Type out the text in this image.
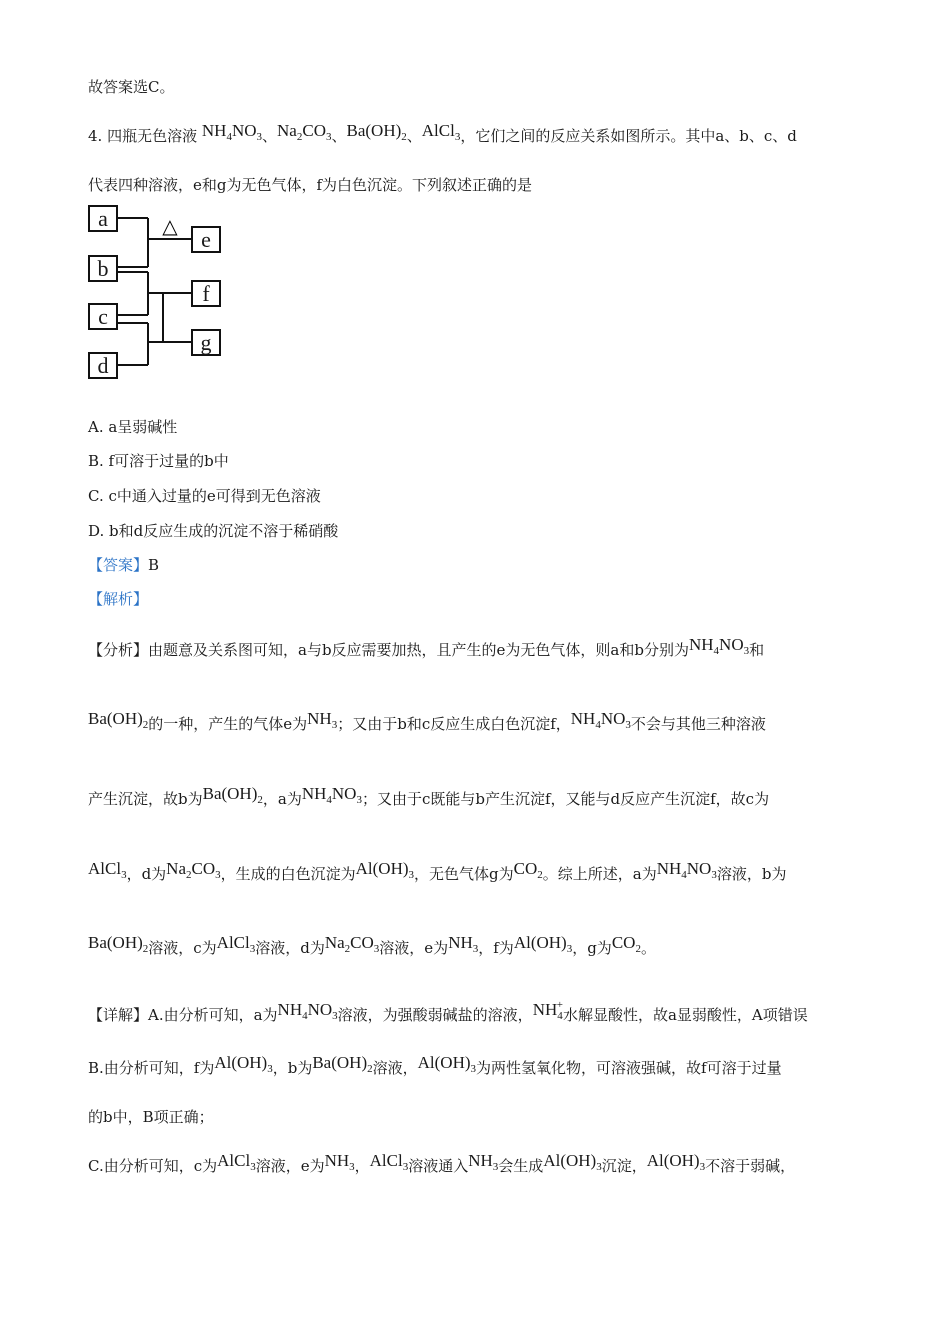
故答案选C。
4. 四瓶无色溶液 $NH_4NO_3$、$Na_2CO_3$、$Ba(OH)_2$、AlCl$_3$，它们之间的反应关系如图所示。其中a、b、c、d
代表四种溶液，e和g为无色气体，f为白色沉淀。下列叙述正确的是
△
a
b
c
d
e
f
g
A. a呈弱碱性
B. f可溶于过量的b中
C. c中通入过量的e可得到无色溶液
D. b和d反应生成的沉淀不溶于稀硝酸
【答案】B
【解析】
【分析】由题意及关系图可知，a与b反应需要加热，且产生的e为无色气体，则a和b分别为$NH_4NO_3$和
$Ba(OH)_2$的一种，产生的气体e为$NH_3$；又由于b和c反应生成白色沉淀f，$NH_4NO_3$不会与其他三种溶液
产生沉淀，故b为$Ba(OH)_2$，a为$NH_4NO_3$；又由于c既能与b产生沉淀f，又能与d反应产生沉淀f，故c为
AlCl$_3$，d为$Na_2CO_3$，生成的白色沉淀为$Al(OH)_3$，无色气体g为$CO_2$。综上所述，a为$NH_4NO_3$溶液，b为
$Ba(OH)_2$溶液，c为AlCl$_3$溶液，d为$Na_2CO_3$溶液，e为$NH_3$，f为$Al(OH)_3$，g为$CO_2$。
【详解】A.由分析可知，a为$NH_4NO_3$溶液，为强酸弱碱盐的溶液，$NH_4^+$水解显酸性，故a显弱酸性，A项错误
B.由分析可知，f为$Al(OH)_3$，b为$Ba(OH)_2$溶液，$Al(OH)_3$为两性氢氧化物，可溶液强碱，故f可溶于过量
的b中，B项正确；
C.由分析可知，c为AlCl$_3$溶液，e为$NH_3$，AlCl$_3$溶液通入$NH_3$会生成$Al(OH)_3$沉淀，$Al(OH)_3$不溶于弱碱，
